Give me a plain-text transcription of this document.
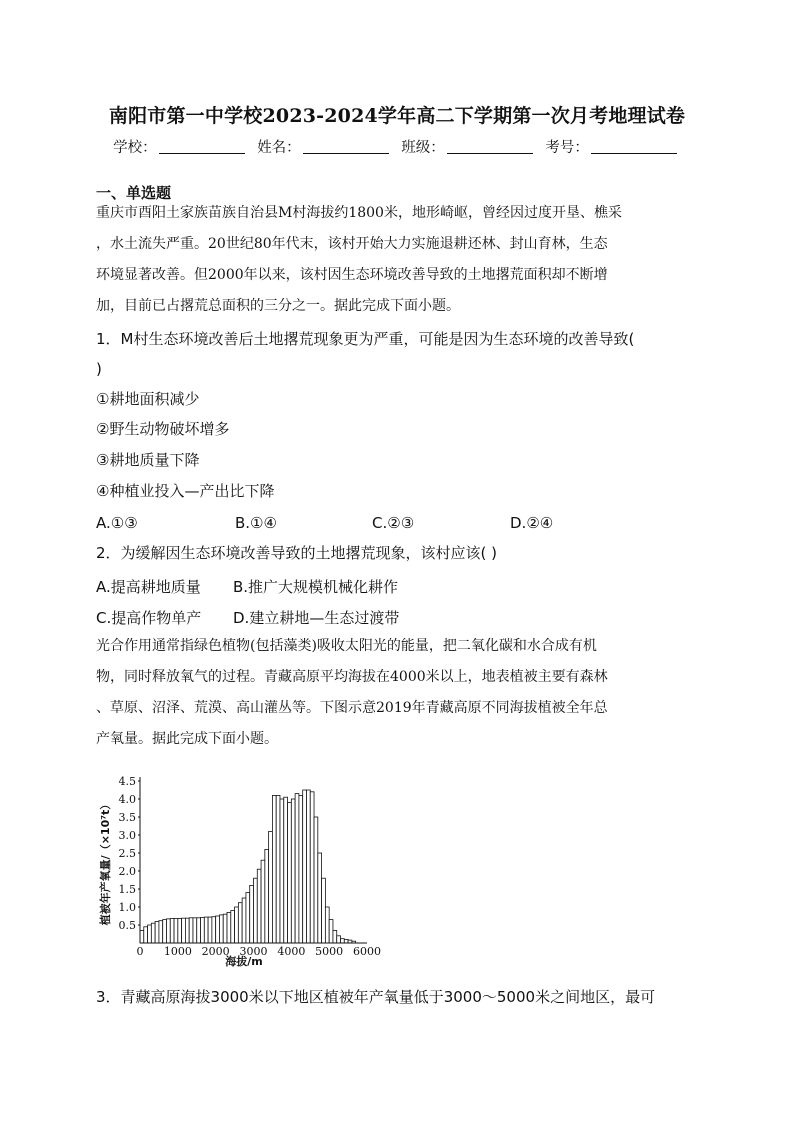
南阳市第一中学校2023-2024学年高二下学期第一次月考地理试卷
学校：	姓名：	班级：	考号：
一、单选题
重庆市酉阳土家族苗族自治县M村海拔约1800米，地形崎岖，曾经因过度开垦、樵采
，水土流失严重。20世纪80年代末，该村开始大力实施退耕还林、封山育林，生态
环境显著改善。但2000年以来，该村因生态环境改善导致的土地撂荒面积却不断增
加，目前已占撂荒总面积的三分之一。据此完成下面小题。
1．M村生态环境改善后土地撂荒现象更为严重，可能是因为生态环境的改善导致(
)
①耕地面积减少
②野生动物破坏增多
③耕地质量下降
④种植业投入—产出比下降
A.①③	B.①④	C.②③	D.②④
2．为缓解因生态环境改善导致的土地撂荒现象，该村应该( )
A.提高耕地质量 B.推广大规模机械化耕作
C.提高作物单产 D.建立耕地—生态过渡带
光合作用通常指绿色植物(包括藻类)吸收太阳光的能量，把二氧化碳和水合成有机
物，同时释放氧气的过程。青藏高原平均海拔在4000米以上，地表植被主要有森林
、草原、沼泽、荒漠、高山灌丛等。下图示意2019年青藏高原不同海拔植被全年总
产氧量。据此完成下面小题。
0.5
1.0
1.5
2.0
2.5
3.0
3.5
4.0
4.5
0 1000 2000 3000 4000 5000 6000
植被年产氧量/（×10⁷t）
海拔/m
3．青藏高原海拔3000米以下地区植被年产氧量低于3000～5000米之间地区，最可
